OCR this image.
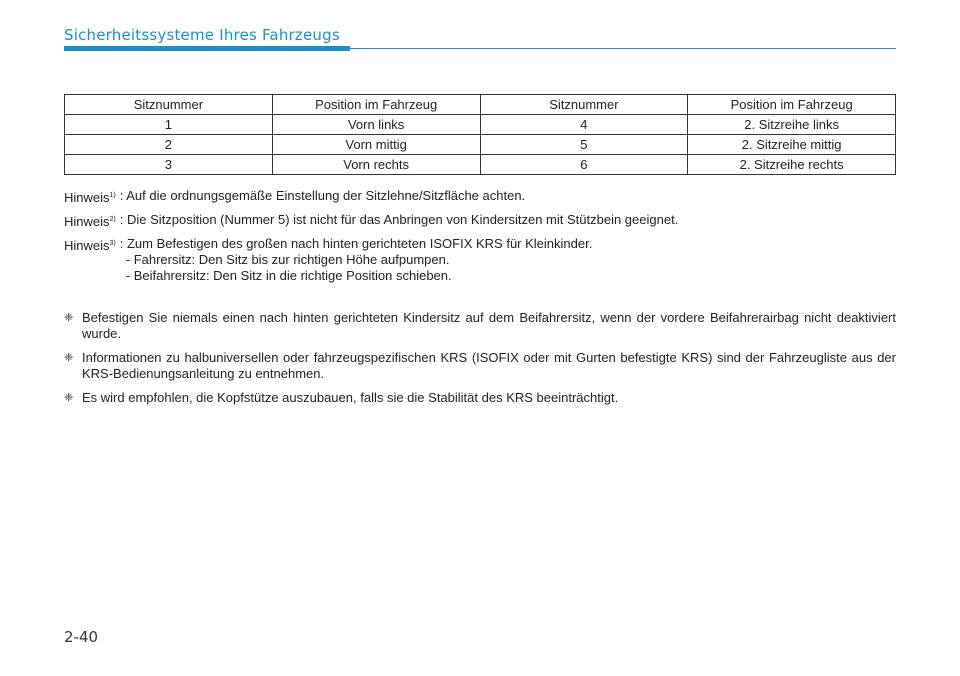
Sicherheitssysteme Ihres Fahrzeugs
Sitznummer	Position im Fahrzeug	Sitznummer	Position im Fahrzeug
1	Vorn links	4	2. Sitzreihe links
2	Vorn mittig	5	2. Sitzreihe mittig
3	Vorn rechts	6	2. Sitzreihe rechts
Hinweis$^{1)}$ : Auf die ordnungsgemäße Einstellung der Sitzlehne/Sitzfläche achten.
Hinweis$^{2)}$ : Die Sitzposition (Nummer 5) ist nicht für das Anbringen von Kindersitzen mit Stützbein geeignet.
Hinweis$^{3)}$ : Zum Befestigen des großen nach hinten gerichteten ISOFIX KRS für Kleinkinder.
- Fahrersitz: Den Sitz bis zur richtigen Höhe aufpumpen.
- Beifahrersitz: Den Sitz in die richtige Position schieben.
❈ Befestigen Sie niemals einen nach hinten gerichteten Kindersitz auf dem Beifahrersitz, wenn der vordere Beifahrerairbag nicht deaktiviert wurde.
❈ Informationen zu halbuniversellen oder fahrzeugspezifischen KRS (ISOFIX oder mit Gurten befestigte KRS) sind der Fahrzeugliste aus der KRS-Bedienungsanleitung zu entnehmen.
❈ Es wird empfohlen, die Kopfstütze auszubauen, falls sie die Stabilität des KRS beeinträchtigt.
2-40
